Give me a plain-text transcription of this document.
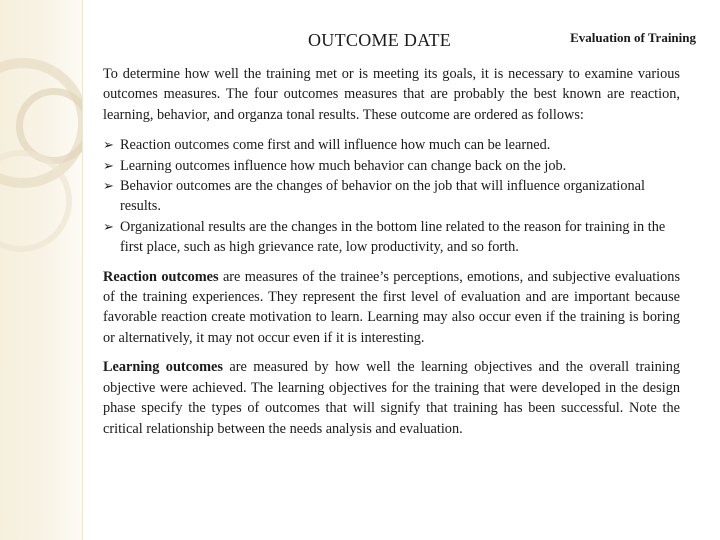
OUTCOME DATE	Evaluation of Training

To determine how well the training met or is meeting its goals, it is necessary to examine various outcomes measures. The four outcomes measures that are probably the best known are reaction, learning, behavior, and organza tonal results. These outcome are ordered as follows:

➢ Reaction outcomes come first and will influence how much can be learned.
➢ Learning outcomes influence how much behavior can change back on the job.
➢ Behavior outcomes are the changes of behavior on the job that will influence organizational results.
➢ Organizational results are the changes in the bottom line related to the reason for training in the first place, such as high grievance rate, low productivity, and so forth.

Reaction outcomes are measures of the trainee’s perceptions, emotions, and subjective evaluations of the training experiences. They represent the first level of evaluation and are important because favorable reaction create motivation to learn. Learning may also occur even if the training is boring or alternatively, it may not occur even if it is interesting.

Learning outcomes are measured by how well the learning objectives and the overall training objective were achieved. The learning objectives for the training that were developed in the design phase specify the types of outcomes that will signify that training has been successful. Note the critical relationship between the needs analysis and evaluation.
